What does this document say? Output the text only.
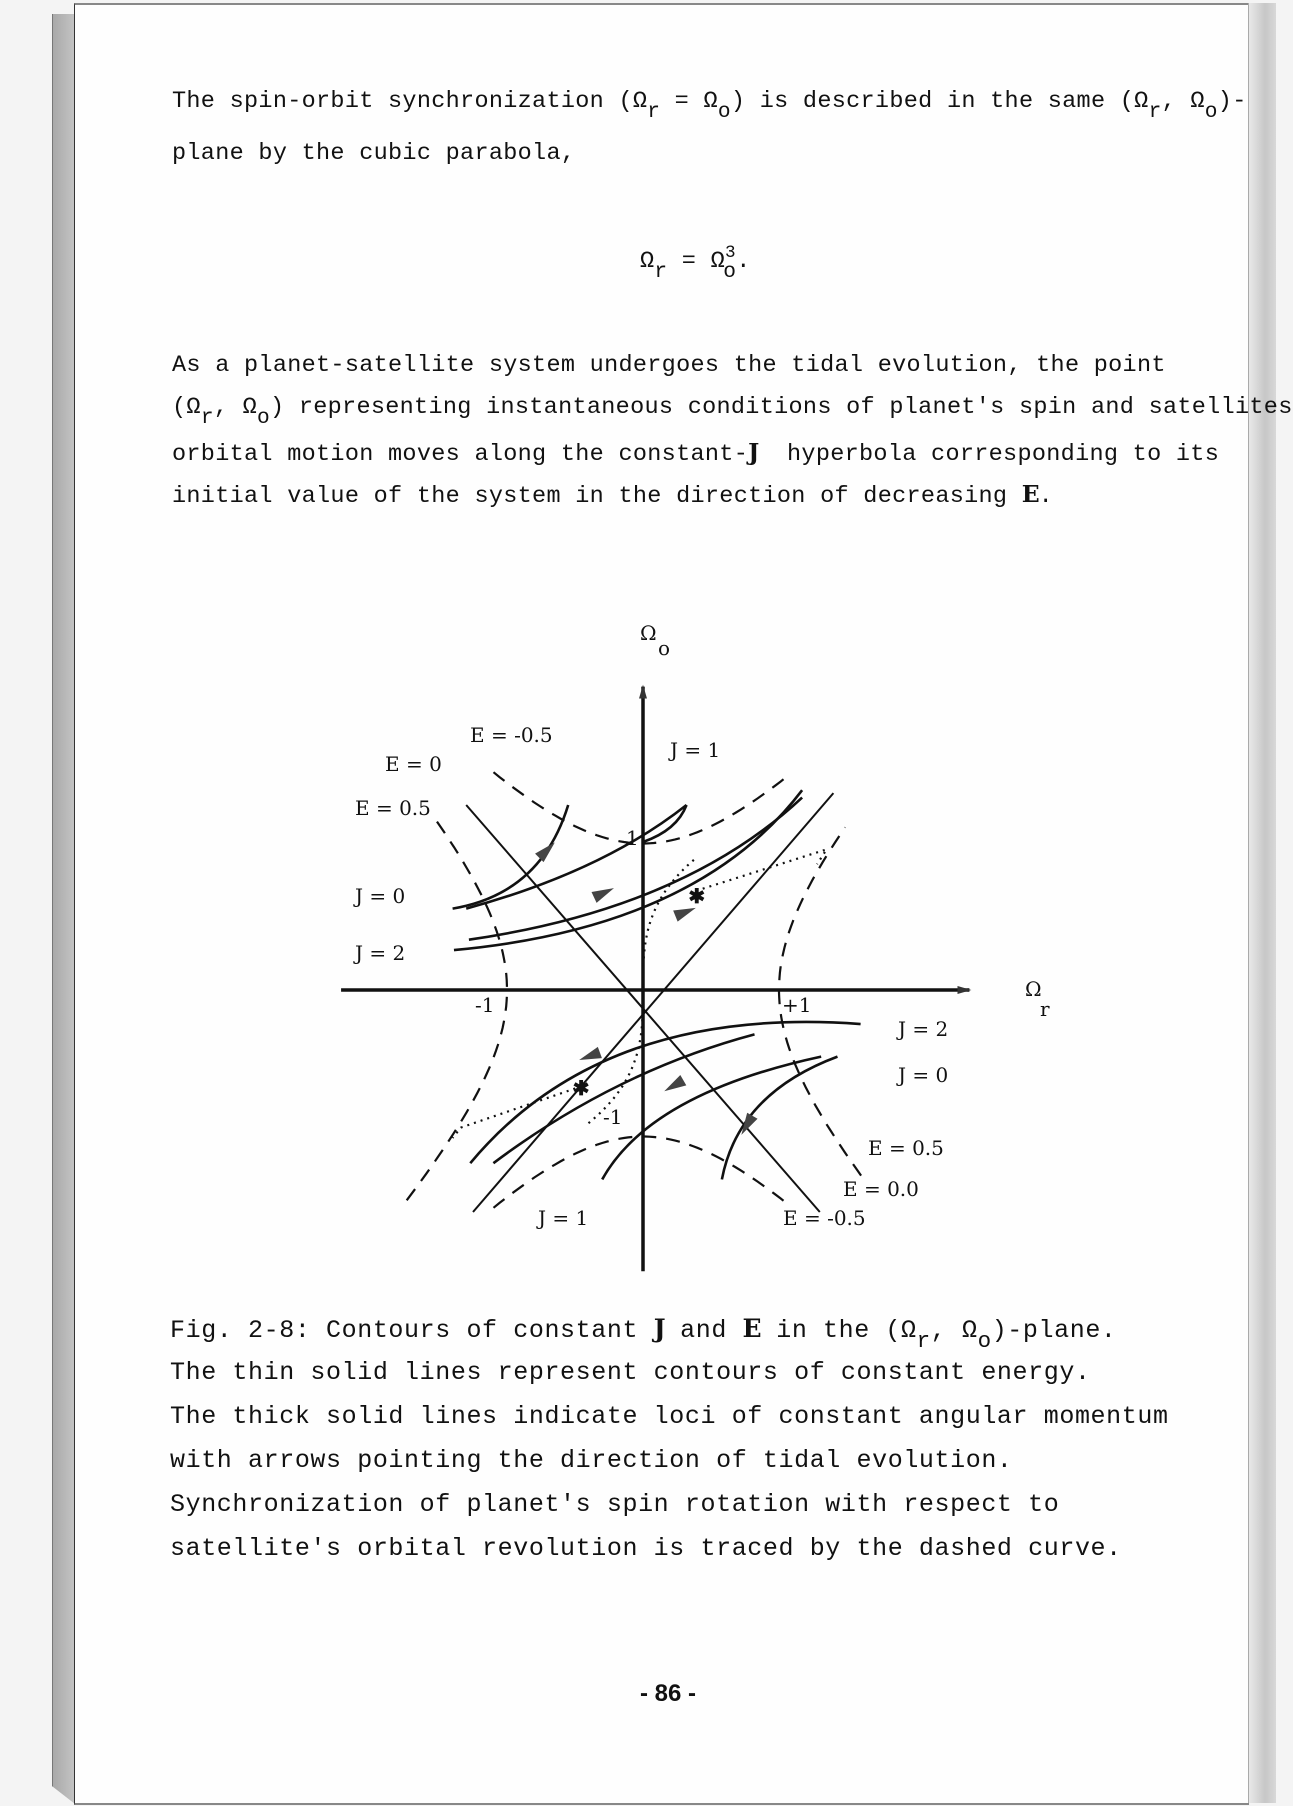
The spin-orbit synchronization (Ωr = Ωo) is described in the same (Ωr, Ωo)-
plane by the cubic parabola,
$\Omega r = \Omega^3o$.
As a planet-satellite system undergoes the tidal evolution, the point
(Ωr, Ωo) representing instantaneous conditions of planet's spin and satellites
orbital motion moves along the constant-J  hyperbola corresponding to its
initial value of the system in the direction of decreasing E.
✱
✱
Ω
o
Ω
r
1
-1
+1
-1
E = -0.5
E = 0
E = 0.5
J = 1
J = 0
J = 2
J = 2
J = 0
E = 0.5
E = 0.0
E = -0.5
J = 1
Fig. 2-8: Contours of constant J and E in the (Ωr, Ωo)-plane.
The thin solid lines represent contours of constant energy.
The thick solid lines indicate loci of constant angular momentum
with arrows pointing the direction of tidal evolution.
Synchronization of planet's spin rotation with respect to
satellite's orbital revolution is traced by the dashed curve.
- 86 -
